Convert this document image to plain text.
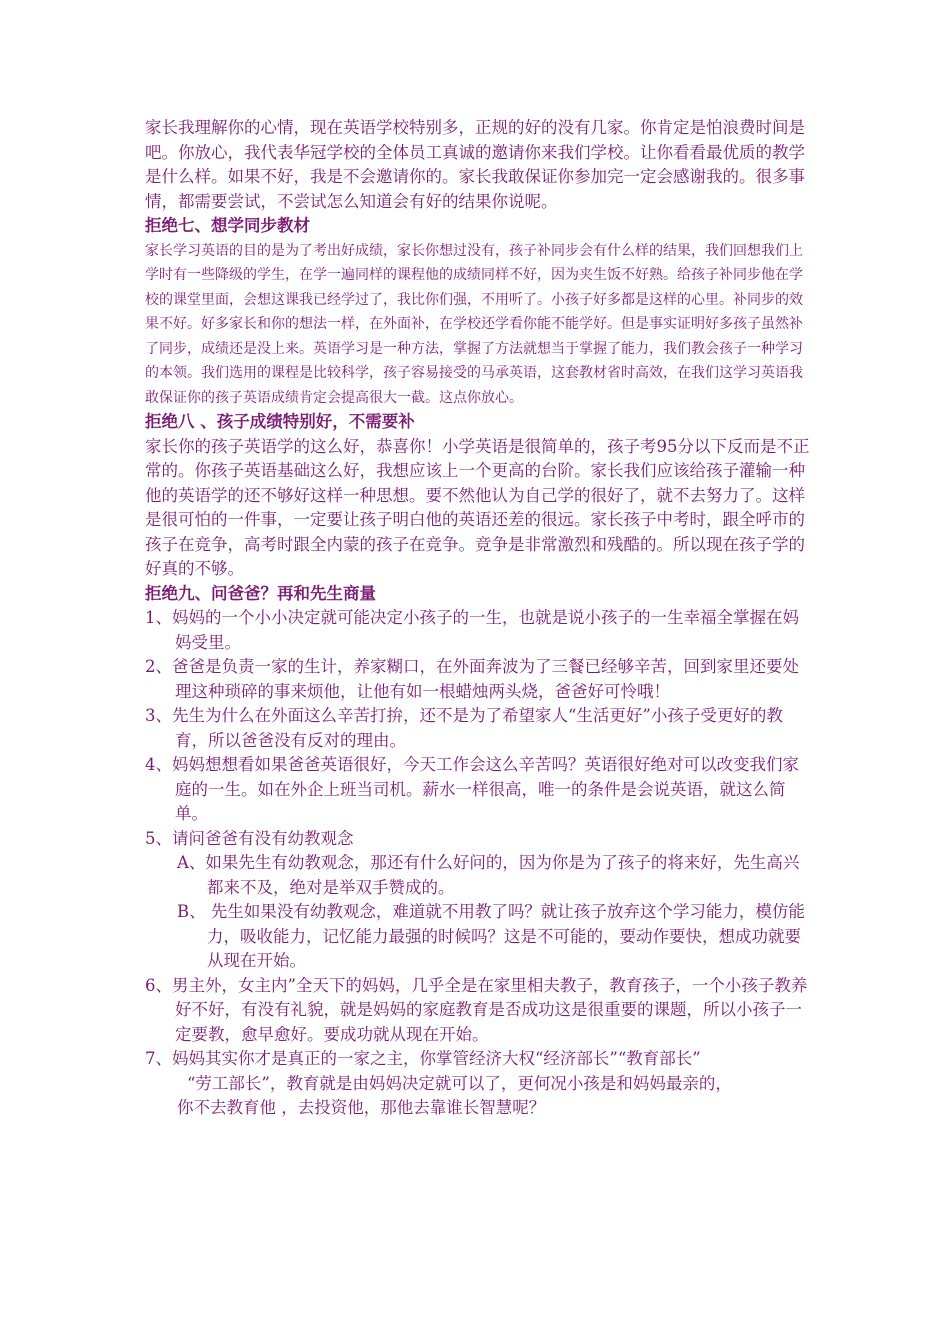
家长我理解你的心情，现在英语学校特别多，正规的好的没有几家。你肯定是怕浪费时间是吧。你放心，我代表华冠学校的全体员工真诚的邀请你来我们学校。让你看看最优质的教学是什么样。如果不好，我是不会邀请你的。家长我敢保证你参加完一定会感谢我的。很多事情，都需要尝试，不尝试怎么知道会有好的结果你说呢。

拒绝七、想学同步教材

家长学习英语的目的是为了考出好成绩，家长你想过没有，孩子补同步会有什么样的结果，我们回想我们上学时有一些降级的学生，在学一遍同样的课程他的成绩同样不好，因为夹生饭不好熟。给孩子补同步他在学校的课堂里面，会想这课我已经学过了，我比你们强，不用听了。小孩子好多都是这样的心里。补同步的效果不好。好多家长和你的想法一样，在外面补，在学校还学看你能不能学好。但是事实证明好多孩子虽然补了同步，成绩还是没上来。英语学习是一种方法，掌握了方法就想当于掌握了能力，我们教会孩子一种学习的本领。我们选用的课程是比较科学，孩子容易接受的马承英语，这套教材省时高效，在我们这学习英语我敢保证你的孩子英语成绩肯定会提高很大一截。这点你放心。

拒绝八 、孩子成绩特别好，不需要补

家长你的孩子英语学的这么好，恭喜你！小学英语是很简单的，孩子考95分以下反而是不正常的。你孩子英语基础这么好，我想应该上一个更高的台阶。家长我们应该给孩子灌输一种他的英语学的还不够好这样一种思想。要不然他认为自己学的很好了，就不去努力了。这样是很可怕的一件事，一定要让孩子明白他的英语还差的很远。家长孩子中考时，跟全呼市的孩子在竞争，高考时跟全内蒙的孩子在竞争。竞争是非常激烈和残酷的。所以现在孩子学的好真的不够。

拒绝九、问爸爸？再和先生商量

1、妈妈的一个小小决定就可能决定小孩子的一生，也就是说小孩子的一生幸福全掌握在妈妈受里。

2、爸爸是负责一家的生计，养家糊口，在外面奔波为了三餐已经够辛苦，回到家里还要处理这种琐碎的事来烦他，让他有如一根蜡烛两头烧，爸爸好可怜哦！

3、先生为什么在外面这么辛苦打拚，还不是为了希望家人“生活更好”小孩子受更好的教育，所以爸爸没有反对的理由。

4、妈妈想想看如果爸爸英语很好，今天工作会这么辛苦吗？英语很好绝对可以改变我们家庭的一生。如在外企上班当司机。薪水一样很高，唯一的条件是会说英语，就这么简单。

5、请问爸爸有没有幼教观念

A、如果先生有幼教观念，那还有什么好问的，因为你是为了孩子的将来好，先生高兴都来不及，绝对是举双手赞成的。

B、 先生如果没有幼教观念，难道就不用教了吗？就让孩子放弃这个学习能力，模仿能力，吸收能力，记忆能力最强的时候吗？这是不可能的，要动作要快，想成功就要从现在开始。

6、男主外，女主内”全天下的妈妈，几乎全是在家里相夫教子，教育孩子，一个小孩子教养好不好，有没有礼貌，就是妈妈的家庭教育是否成功这是很重要的课题，所以小孩子一定要教，愈早愈好。要成功就从现在开始。

7、妈妈其实你才是真正的一家之主，你掌管经济大权“经济部长”“教育部长”

“劳工部长”，教育就是由妈妈决定就可以了，更何况小孩是和妈妈最亲的，
你不去教育他 ，去投资他，那他去靠谁长智慧呢？
